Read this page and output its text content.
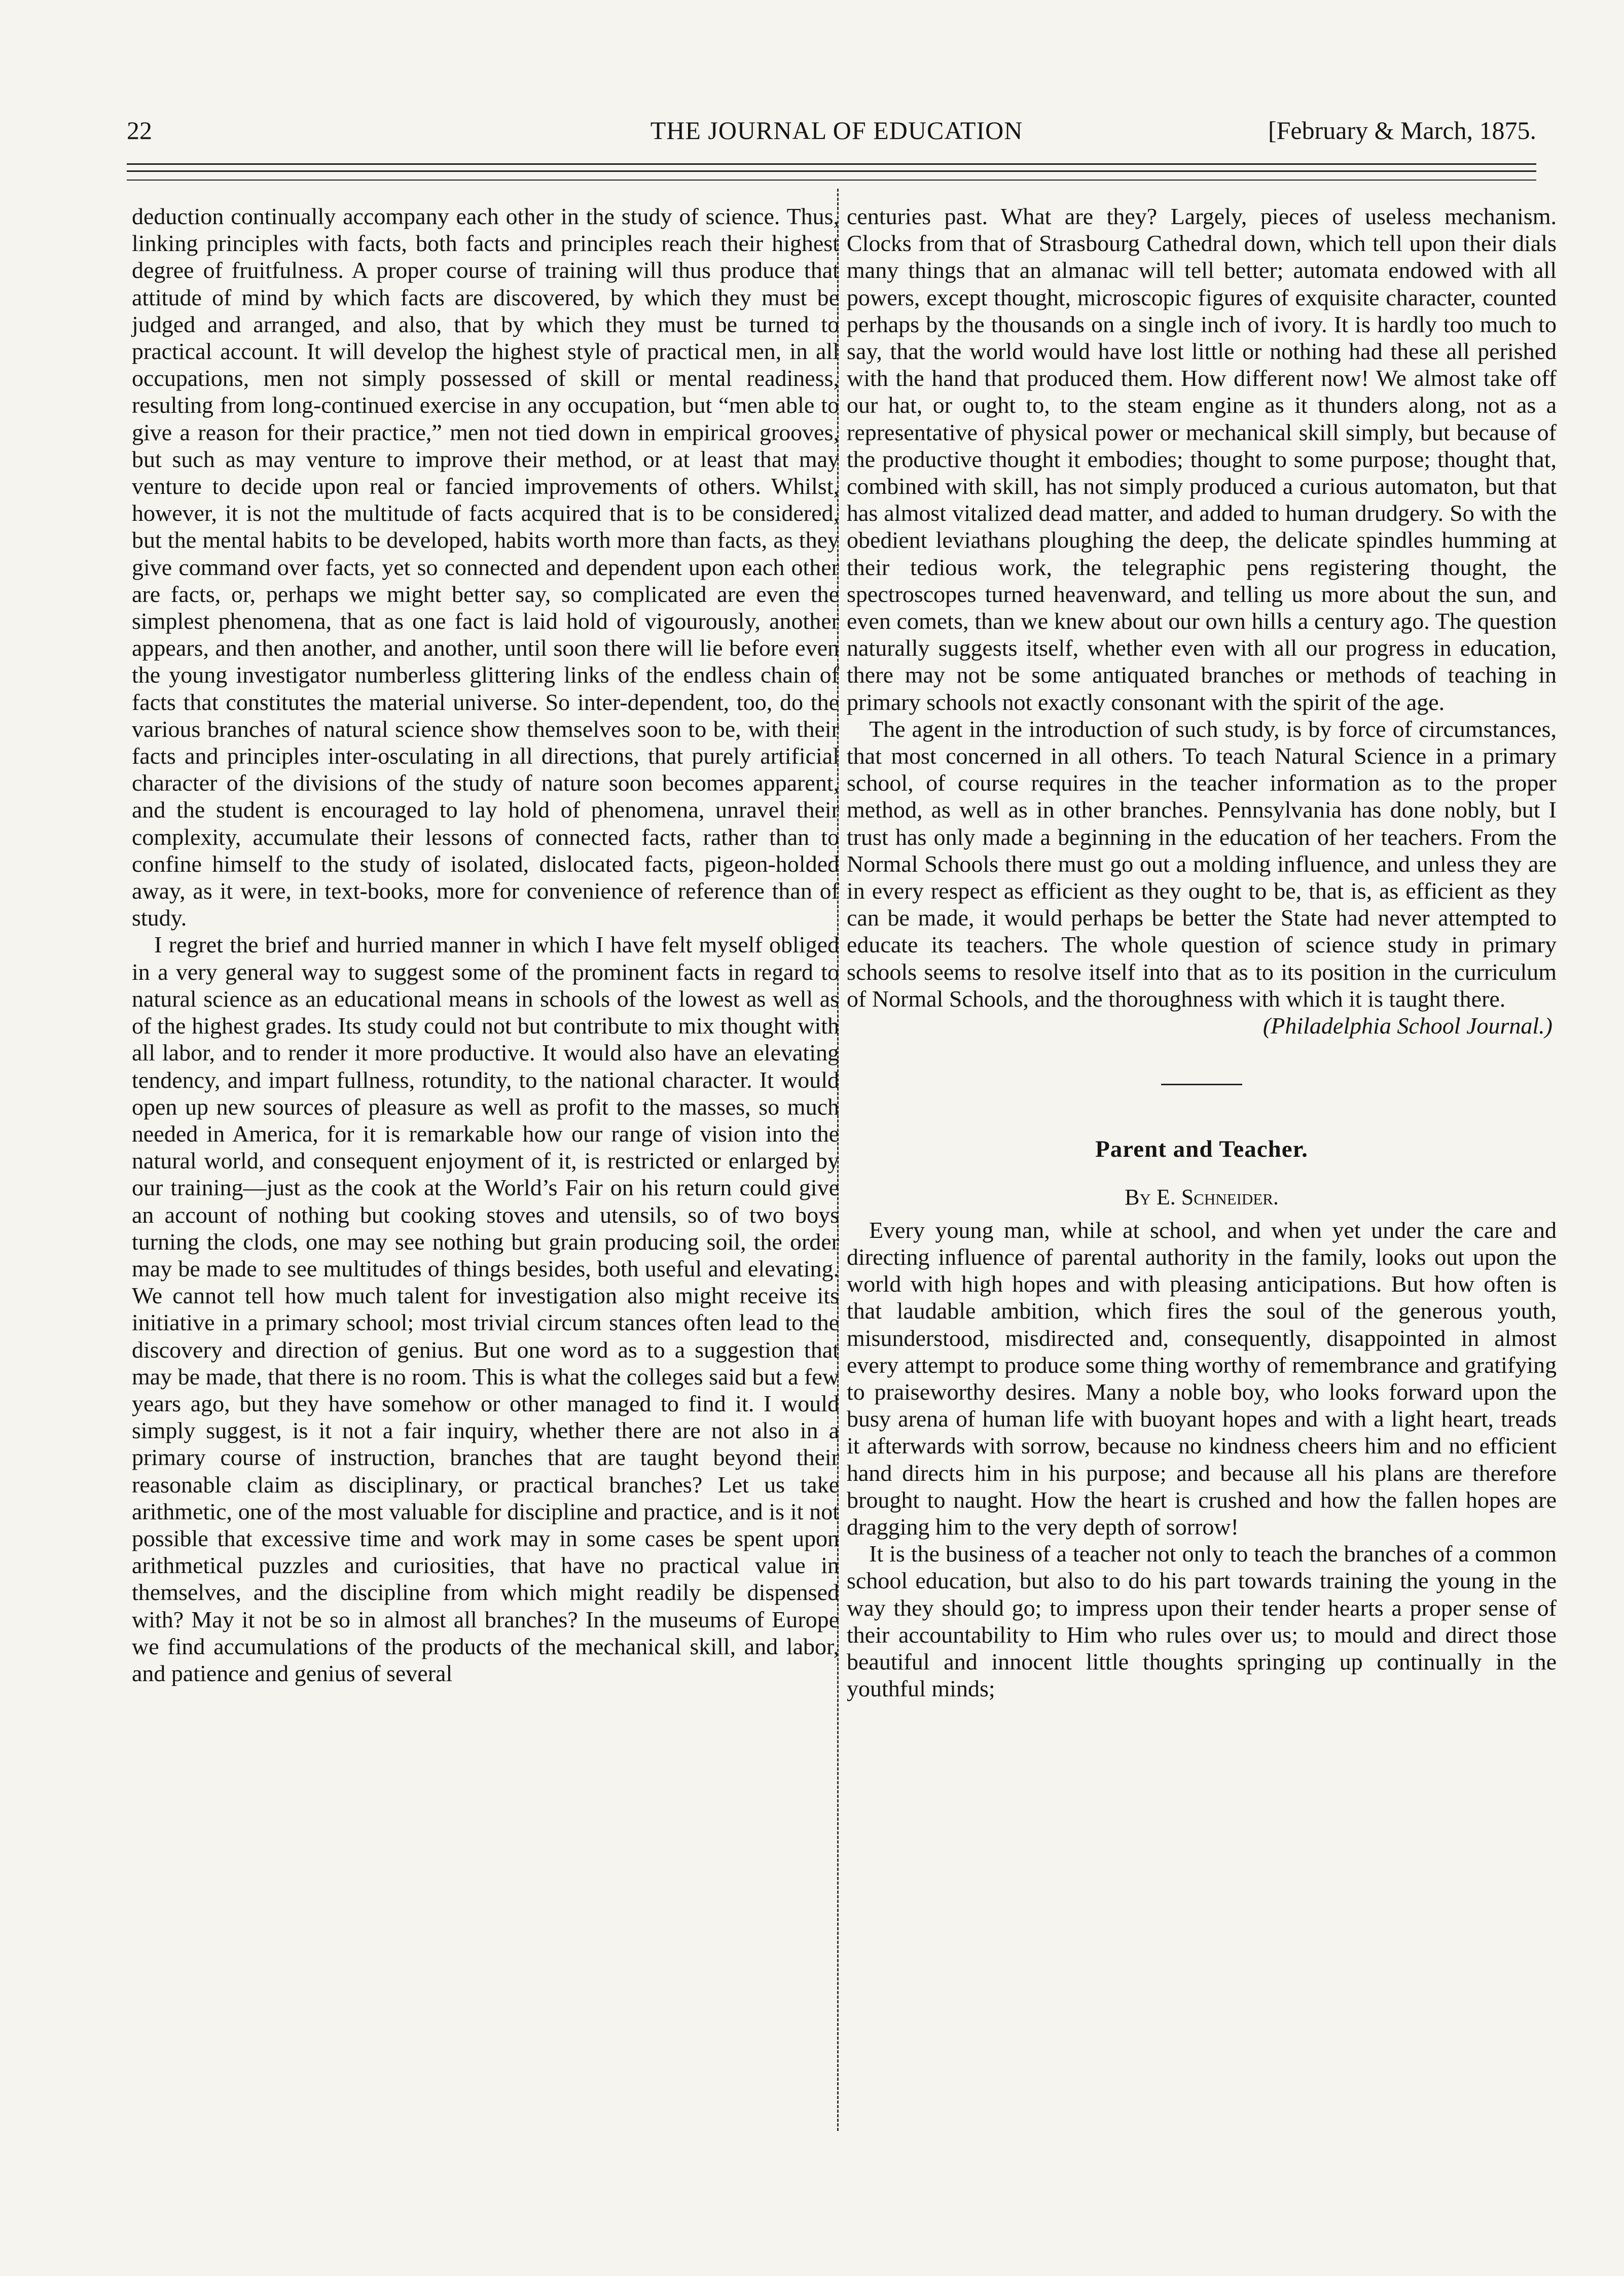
22	THE JOURNAL OF EDUCATION	[February & March, 1875.

deduction continually accompany each other in the study of science. Thus, linking principles with facts, both facts and principles reach their highest degree of fruitfulness. A proper course of training will thus produce that attitude of mind by which facts are discovered, by which they must be judged and arranged, and also, that by which they must be turned to practical account. It will develop the highest style of practical men, in all occupations, men not simply possessed of skill or mental readiness, resulting from long-continued exercise in any occupation, but “men able to give a reason for their practice,” men not tied down in empirical grooves, but such as may venture to improve their method, or at least that may venture to decide upon real or fancied improvements of others. Whilst, however, it is not the multitude of facts acquired that is to be considered, but the mental habits to be developed, habits worth more than facts, as they give command over facts, yet so connected and dependent upon each other are facts, or, perhaps we might better say, so complicated are even the simplest phenomena, that as one fact is laid hold of vigourously, another appears, and then another, and another, until soon there will lie before even the young investigator numberless glittering links of the endless chain of facts that constitutes the material universe. So inter-dependent, too, do the various branches of natural science show themselves soon to be, with their facts and principles inter-osculating in all directions, that purely artificial character of the divisions of the study of nature soon becomes apparent, and the student is encouraged to lay hold of phenomena, unravel their complexity, accumulate their lessons of connected facts, rather than to confine himself to the study of isolated, dislocated facts, pigeon-holded away, as it were, in text-books, more for convenience of reference than of study.

I regret the brief and hurried manner in which I have felt myself obliged in a very general way to suggest some of the prominent facts in regard to natural science as an educational means in schools of the lowest as well as of the highest grades. Its study could not but contribute to mix thought with all labor, and to render it more productive. It would also have an elevating tendency, and impart fullness, rotundity, to the national character. It would open up new sources of pleasure as well as profit to the masses, so much needed in America, for it is remarkable how our range of vision into the natural world, and consequent enjoyment of it, is restricted or enlarged by our training—just as the cook at the World’s Fair on his return could give an account of nothing but cooking stoves and utensils, so of two boys turning the clods, one may see nothing but grain producing soil, the order may be made to see multitudes of things besides, both useful and elevating. We cannot tell how much talent for investigation also might receive its initiative in a primary school; most trivial circum stances often lead to the discovery and direction of genius. But one word as to a suggestion that may be made, that there is no room. This is what the colleges said but a few years ago, but they have somehow or other managed to find it. I would simply suggest, is it not a fair inquiry, whether there are not also in a primary course of instruction, branches that are taught beyond their reasonable claim as disciplinary, or practical branches? Let us take arithmetic, one of the most valuable for discipline and practice, and is it not possible that excessive time and work may in some cases be spent upon arithmetical puzzles and curiosities, that have no practical value in themselves, and the discipline from which might readily be dispensed with? May it not be so in almost all branches? In the museums of Europe we find accumulations of the products of the mechanical skill, and labor, and patience and genius of several

centuries past. What are they? Largely, pieces of useless mechanism. Clocks from that of Strasbourg Cathedral down, which tell upon their dials many things that an almanac will tell better; automata endowed with all powers, except thought, microscopic figures of exquisite character, counted perhaps by the thousands on a single inch of ivory. It is hardly too much to say, that the world would have lost little or nothing had these all perished with the hand that produced them. How different now! We almost take off our hat, or ought to, to the steam engine as it thunders along, not as a representative of physical power or mechanical skill simply, but because of the productive thought it embodies; thought to some purpose; thought that, combined with skill, has not simply produced a curious automaton, but that has almost vitalized dead matter, and added to human drudgery. So with the obedient leviathans ploughing the deep, the delicate spindles humming at their tedious work, the telegraphic pens registering thought, the spectroscopes turned heavenward, and telling us more about the sun, and even comets, than we knew about our own hills a century ago. The question naturally suggests itself, whether even with all our progress in education, there may not be some antiquated branches or methods of teaching in primary schools not exactly consonant with the spirit of the age.

The agent in the introduction of such study, is by force of circumstances, that most concerned in all others. To teach Natural Science in a primary school, of course requires in the teacher information as to the proper method, as well as in other branches. Pennsylvania has done nobly, but I trust has only made a beginning in the education of her teachers. From the Normal Schools there must go out a molding influence, and unless they are in every respect as efficient as they ought to be, that is, as efficient as they can be made, it would perhaps be better the State had never attempted to educate its teachers. The whole question of science study in primary schools seems to resolve itself into that as to its position in the curriculum of Normal Schools, and the thoroughness with which it is taught there.

(Philadelphia School Journal.)

Parent and Teacher.
By E. Schneider.

Every young man, while at school, and when yet under the care and directing influence of parental authority in the family, looks out upon the world with high hopes and with pleasing anticipations. But how often is that laudable ambition, which fires the soul of the generous youth, misunderstood, misdirected and, consequently, disappointed in almost every attempt to produce some thing worthy of remembrance and gratifying to praiseworthy desires. Many a noble boy, who looks forward upon the busy arena of human life with buoyant hopes and with a light heart, treads it afterwards with sorrow, because no kindness cheers him and no efficient hand directs him in his purpose; and because all his plans are therefore brought to naught. How the heart is crushed and how the fallen hopes are dragging him to the very depth of sorrow!

It is the business of a teacher not only to teach the branches of a common school education, but also to do his part towards training the young in the way they should go; to impress upon their tender hearts a proper sense of their accountability to Him who rules over us; to mould and direct those beautiful and innocent little thoughts springing up continually in the youthful minds;
